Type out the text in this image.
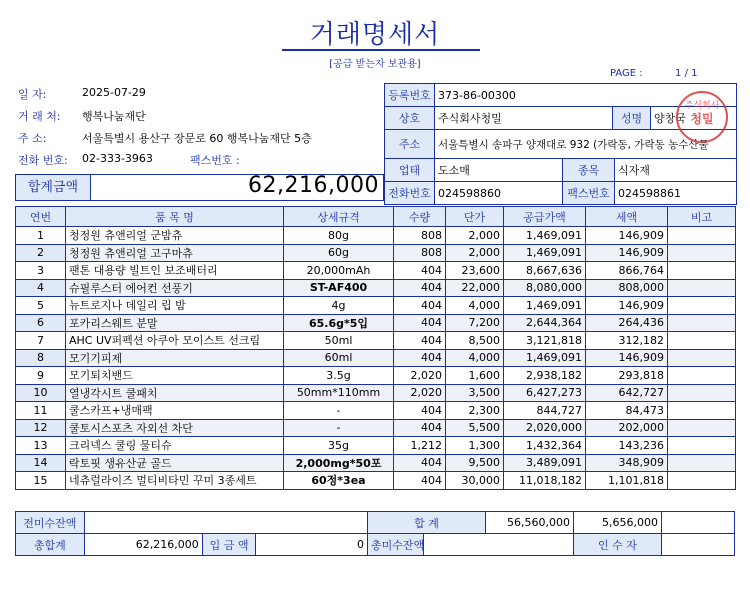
거래명세서
[공급 받는자 보관용]
PAGE :	1 / 1
일 자:	2025-07-29
거 래 처: 행복나눔재단
주 소:	서울특별시 용산구 장문로 60 행복나눔재단 5층
전화 번호: 02-333-3963	팩스번호 :
등록번호	373-86-00300				
상호	주식회사청밀		성명		양창국
주소	서울특별시 송파구 양재대로 932 (가락동, 가락동 농수산물				
업태	도소매	종목		식자재	
전화번호	024598860	팩스번호		024598861	
주식회사
청밀
합계금액	62,216,000
연번	품 목 명	상세규격	수량	단가	공급가액	세액	비고
1	청정원 츄앤리얼 군밤츄	80g	808	2,000	1,469,091	146,909	
2	청정원 츄앤리얼 고구마츄	60g	808	2,000	1,469,091	146,909	
3	팬톤 대용량 빌트인 보조배터리	20,000mAh	404	23,600	8,667,636	866,764	
4	슈필루스터 에어컨 선풍기	ST-AF400	404	22,000	8,080,000	808,000	
5	뉴트로지나 데일리 립 밤	4g	404	4,000	1,469,091	146,909	
6	포카리스웨트 분말	65.6g*5입	404	7,200	2,644,364	264,436	
7	AHC UV퍼펙션 아쿠아 모이스트 선크림	50ml	404	8,500	3,121,818	312,182	
8	모기기피제	60ml	404	4,000	1,469,091	146,909	
9	모기퇴치밴드	3.5g	2,020	1,600	2,938,182	293,818	
10	열냉각시트 쿨패치	50mm*110mm	2,020	3,500	6,427,273	642,727	
11	쿨스카프+냉매팩	-	404	2,300	844,727	84,473	
12	쿨토시스포츠 자외선 차단	-	404	5,500	2,020,000	202,000	
13	크리넥스 쿨링 물티슈	35g	1,212	1,300	1,432,364	143,236	
14	락토핏 생유산균 골드	2,000mg*50포	404	9,500	3,489,091	348,909	
15	네츄럴라이즈 멀티비타민 꾸미 3종세트	60정*3ea	404	30,000	11,018,182	1,101,818	
전미수잔액				합 계		56,560,000	5,656,000	
총합계	62,216,000	입 금 액	0	총미수잔액			인 수 자	
